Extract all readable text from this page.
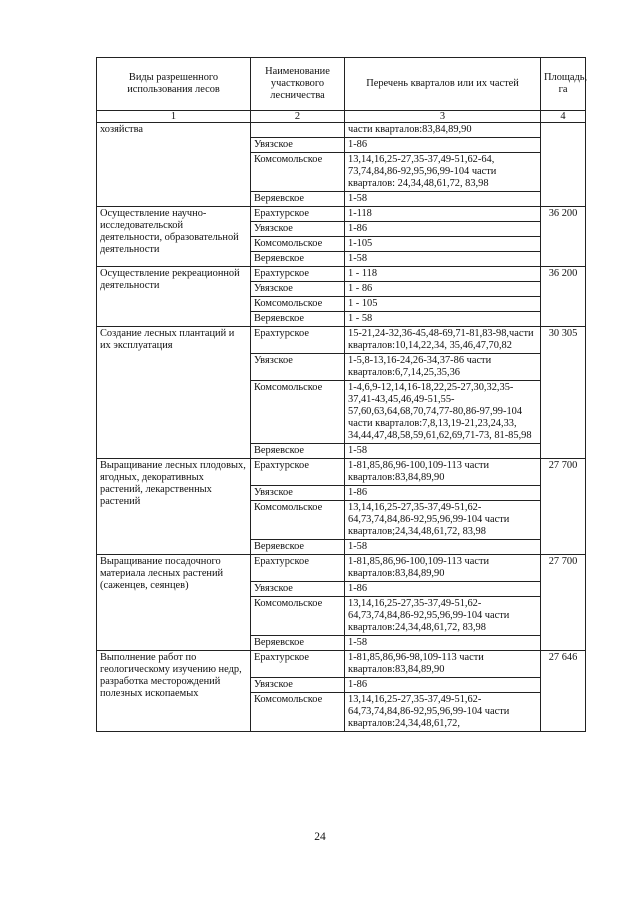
Виды разрешенного использования лесов	Наименование участкового лесничества	Перечень кварталов или их частей	Площадь, га
1	2	3	4
хозяйства		части кварталов:83,84,89,90	
	Увязское	1-86	
	Комсомольское	13,14,16,25-27,35-37,49-51,62-64, 73,74,84,86-92,95,96,99-104 части кварталов: 24,34,48,61,72, 83,98	
	Веряевское	1-58	
Осуществление научно-исследовательской деятельности, образовательной деятельности	Ерахтурское	1-118	36 200
	Увязское	1-86	
	Комсомольское	1-105	
	Веряевское	1-58	
Осуществление рекреационной деятельности	Ерахтурское	1 - 118	36 200
	Увязское	1 - 86	
	Комсомольское	1 - 105	
	Веряевское	1 - 58	
Создание лесных плантаций и их эксплуатация	Ерахтурское	15-21,24-32,36-45,48-69,71-81,83-98,части кварталов:10,14,22,34, 35,46,47,70,82	30 305
	Увязское	1-5,8-13,16-24,26-34,37-86 части кварталов:6,7,14,25,35,36	
	Комсомольское	1-4,6,9-12,14,16-18,22,25-27,30,32,35-37,41-43,45,46,49-51,55-57,60,63,64,68,70,74,77-80,86-97,99-104 части кварталов:7,8,13,19-21,23,24,33, 34,44,47,48,58,59,61,62,69,71-73, 81-85,98	
	Веряевское	1-58	
Выращивание лесных плодовых, ягодных, декоративных растений, лекарственных растений	Ерахтурское	1-81,85,86,96-100,109-113 части кварталов:83,84,89,90	27 700
	Увязское	1-86	
	Комсомольское	13,14,16,25-27,35-37,49-51,62-64,73,74,84,86-92,95,96,99-104 части кварталов;24,34,48,61,72, 83,98	
	Веряевское	1-58	
Выращивание посадочного материала лесных растений (саженцев, сеянцев)	Ерахтурское	1-81,85,86,96-100,109-113 части кварталов:83,84,89,90	27 700
	Увязское	1-86	
	Комсомольское	13,14,16,25-27,35-37,49-51,62-64,73,74,84,86-92,95,96,99-104 части кварталов:24,34,48,61,72, 83,98	
	Веряевское	1-58	
Выполнение работ по геологическому изучению недр, разработка месторождений полезных ископаемых	Ерахтурское	1-81,85,86,96-98,109-113 части кварталов:83,84,89,90	27 646
	Увязское	1-86	
	Комсомольское	13,14,16,25-27,35-37,49-51,62-64,73,74,84,86-92,95,96,99-104 части кварталов:24,34,48,61,72,	
24
